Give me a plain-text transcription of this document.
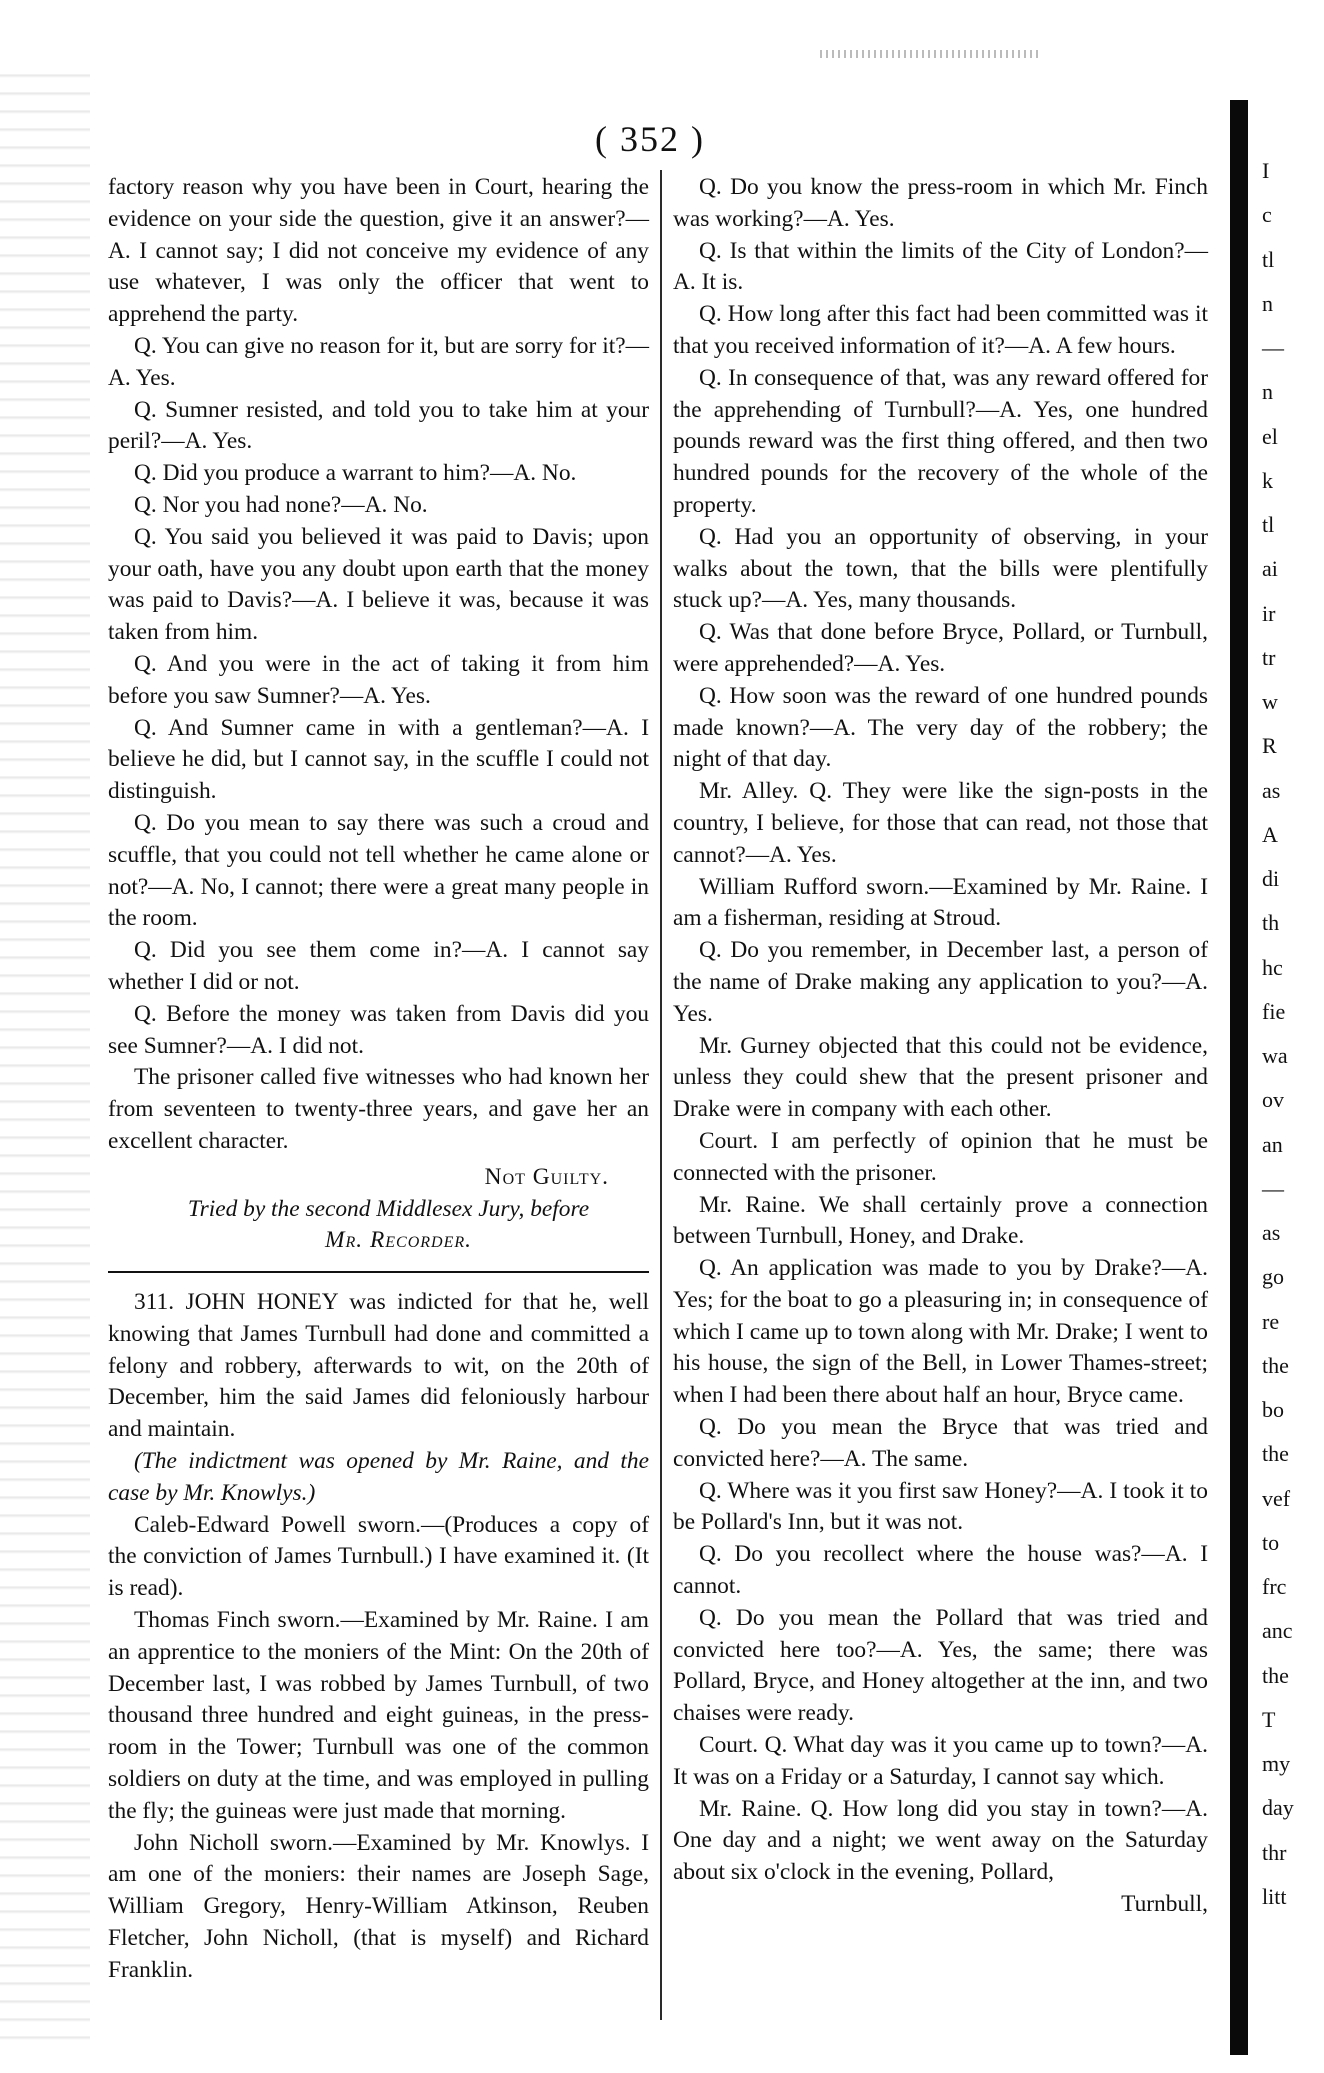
( 352 )

factory reason why you have been in Court, hearing the evidence on your side the question, give it an answer?—A. I cannot say; I did not conceive my evidence of any use whatever, I was only the officer that went to apprehend the party.

Q. You can give no reason for it, but are sorry for it?—A. Yes.

Q. Sumner resisted, and told you to take him at your peril?—A. Yes.

Q. Did you produce a warrant to him?—A. No.

Q. Nor you had none?—A. No.

Q. You said you believed it was paid to Davis; upon your oath, have you any doubt upon earth that the money was paid to Davis?—A. I believe it was, because it was taken from him.

Q. And you were in the act of taking it from him before you saw Sumner?—A. Yes.

Q. And Sumner came in with a gentleman?—A. I believe he did, but I cannot say, in the scuffle I could not distinguish.

Q. Do you mean to say there was such a croud and scuffle, that you could not tell whether he came alone or not?—A. No, I cannot; there were a great many people in the room.

Q. Did you see them come in?—A. I cannot say whether I did or not.

Q. Before the money was taken from Davis did you see Sumner?—A. I did not.

The prisoner called five witnesses who had known her from seventeen to twenty-three years, and gave her an excellent character.

Not Guilty.

Tried by the second Middlesex Jury, before

Mr. Recorder.

311. JOHN HONEY was indicted for that he, well knowing that James Turnbull had done and committed a felony and robbery, afterwards to wit, on the 20th of December, him the said James did feloniously harbour and maintain.

(The indictment was opened by Mr. Raine, and the case by Mr. Knowlys.)

Caleb-Edward Powell sworn.—(Produces a copy of the conviction of James Turnbull.) I have examined it. (It is read).

Thomas Finch sworn.—Examined by Mr. Raine. I am an apprentice to the moniers of the Mint: On the 20th of December last, I was robbed by James Turnbull, of two thousand three hundred and eight guineas, in the press-room in the Tower; Turnbull was one of the common soldiers on duty at the time, and was employed in pulling the fly; the guineas were just made that morning.

John Nicholl sworn.—Examined by Mr. Knowlys. I am one of the moniers: their names are Joseph Sage, William Gregory, Henry-William Atkinson, Reuben Fletcher, John Nicholl, (that is myself) and Richard Franklin.

Q. Do you know the press-room in which Mr. Finch was working?—A. Yes.

Q. Is that within the limits of the City of London?—A. It is.

Q. How long after this fact had been committed was it that you received information of it?—A. A few hours.

Q. In consequence of that, was any reward offered for the apprehending of Turnbull?—A. Yes, one hundred pounds reward was the first thing offered, and then two hundred pounds for the recovery of the whole of the property.

Q. Had you an opportunity of observing, in your walks about the town, that the bills were plentifully stuck up?—A. Yes, many thousands.

Q. Was that done before Bryce, Pollard, or Turnbull, were apprehended?—A. Yes.

Q. How soon was the reward of one hundred pounds made known?—A. The very day of the robbery; the night of that day.

Mr. Alley. Q. They were like the sign-posts in the country, I believe, for those that can read, not those that cannot?—A. Yes.

William Rufford sworn.—Examined by Mr. Raine. I am a fisherman, residing at Stroud.

Q. Do you remember, in December last, a person of the name of Drake making any application to you?—A. Yes.

Mr. Gurney objected that this could not be evidence, unless they could shew that the present prisoner and Drake were in company with each other.

Court. I am perfectly of opinion that he must be connected with the prisoner.

Mr. Raine. We shall certainly prove a connection between Turnbull, Honey, and Drake.

Q. An application was made to you by Drake?—A. Yes; for the boat to go a pleasuring in; in consequence of which I came up to town along with Mr. Drake; I went to his house, the sign of the Bell, in Lower Thames-street; when I had been there about half an hour, Bryce came.

Q. Do you mean the Bryce that was tried and convicted here?—A. The same.

Q. Where was it you first saw Honey?—A. I took it to be Pollard's Inn, but it was not.

Q. Do you recollect where the house was?—A. I cannot.

Q. Do you mean the Pollard that was tried and convicted here too?—A. Yes, the same; there was Pollard, Bryce, and Honey altogether at the inn, and two chaises were ready.

Court. Q. What day was it you came up to town?—A. It was on a Friday or a Saturday, I cannot say which.

Mr. Raine. Q. How long did you stay in town?—A. One day and a night; we went away on the Saturday about six o'clock in the evening, Pollard,

Turnbull,

I
c
tl
n
—
n
el
k
tl
ai
ir
tr
w
R
as
A
di
th
hc
fie
wa
ov
an
—
as
go
re
the
bo
the
vef
to
frc
anc
the
T
my
day
thr
litt
